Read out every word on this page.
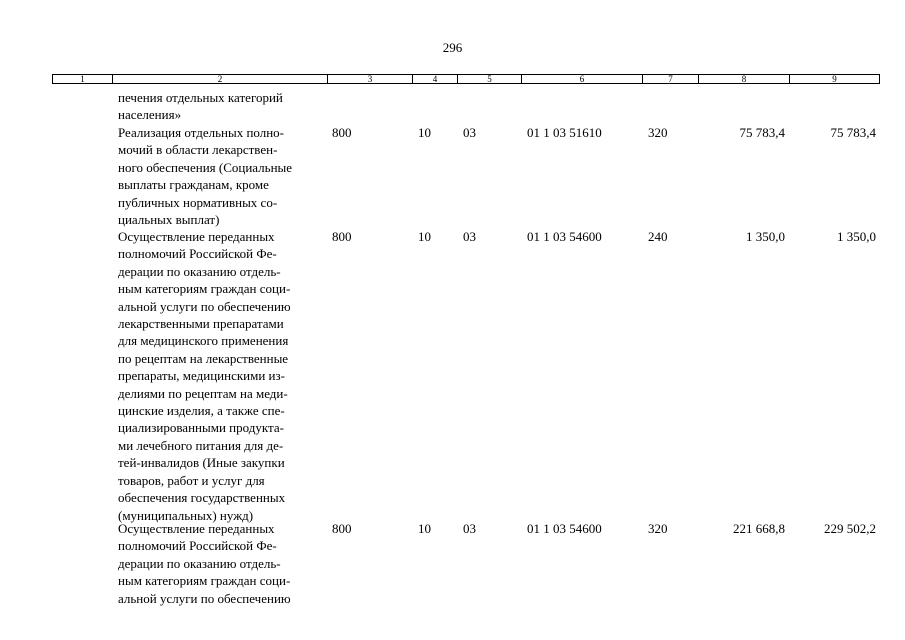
296
1	2	3	4	5	6	7	8	9
печения отдельных категорий
населения»
Реализация отдельных полно-
мочий в области лекарствен-
ного обеспечения (Социальные
выплаты гражданам, кроме
публичных нормативных со-
циальных выплат)
800	10 03	01 1 03 51610	320	75 783,4	75 783,4
Осуществление переданных
полномочий Российской Фе-
дерации по оказанию отдель-
ным категориям граждан соци-
альной услуги по обеспечению
лекарственными препаратами
для медицинского применения
по рецептам на лекарственные
препараты, медицинскими из-
делиями по рецептам на меди-
цинские изделия, а также спе-
циализированными продукта-
ми лечебного питания для де-
тей-инвалидов (Иные закупки
товаров, работ и услуг для
обеспечения государственных
(муниципальных) нужд)
800	10 03	01 1 03 54600	240	1 350,0	1 350,0
Осуществление переданных
полномочий Российской Фе-
дерации по оказанию отдель-
ным категориям граждан соци-
альной услуги по обеспечению
800	10 03	01 1 03 54600	320	221 668,8	229 502,2
